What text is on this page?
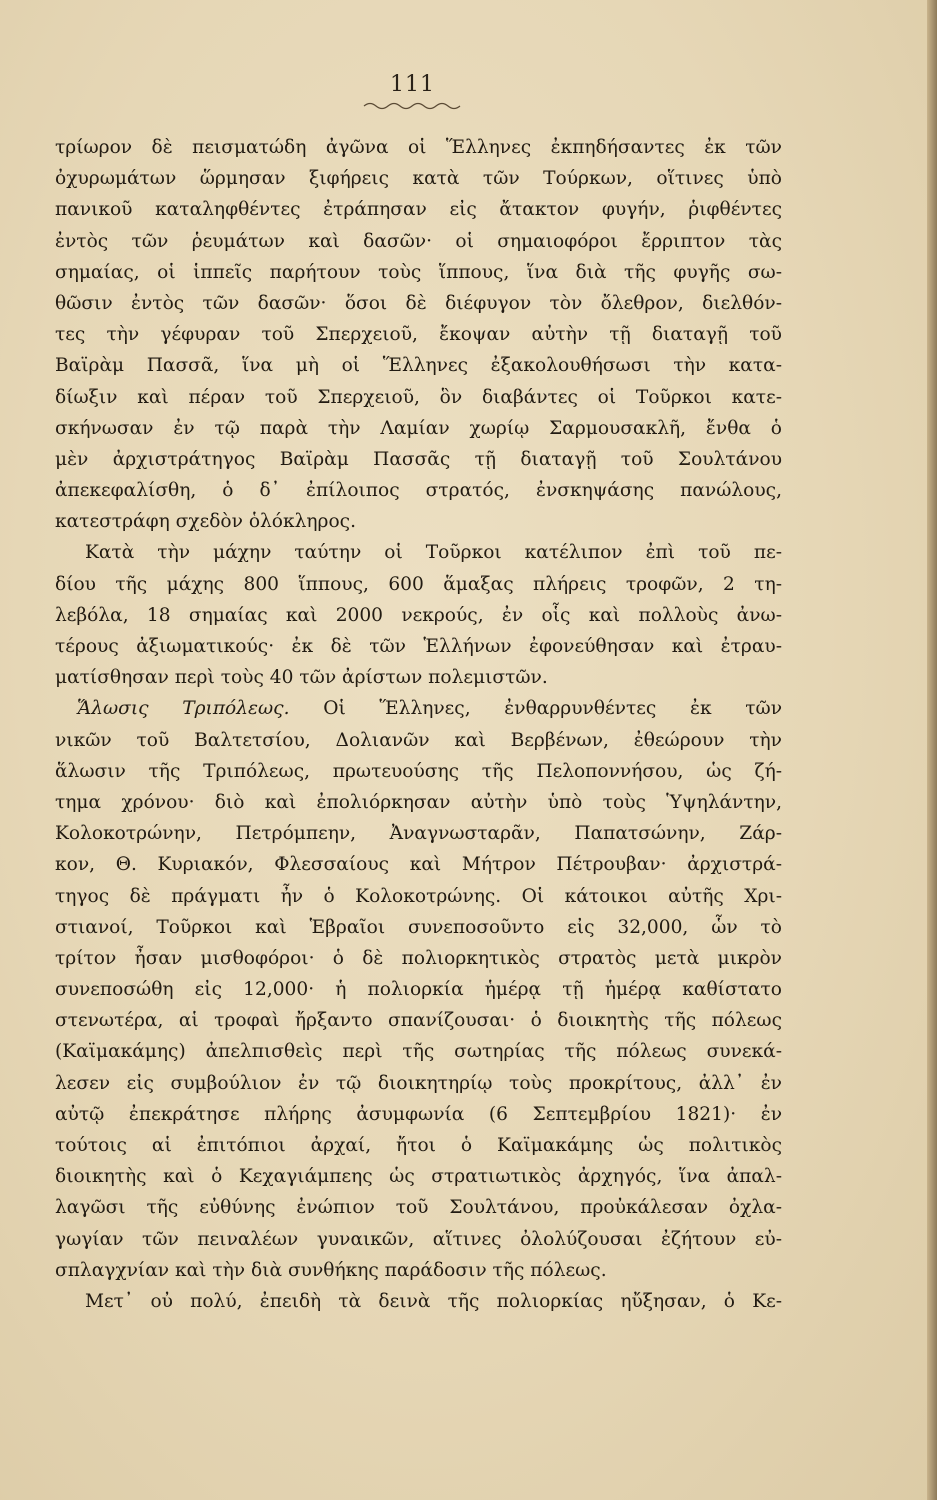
111
τρίωρον δὲ πεισματώδη ἀγῶνα οἱ Ἕλληνες ἐκπηδήσαντες ἐκ τῶν
ὀχυρωμάτων ὥρμησαν ξιφήρεις κατὰ τῶν Τούρκων, οἵτινες ὑπὸ
πανικοῦ καταληφθέντες ἐτράπησαν εἰς ἄτακτον φυγήν, ῥιφθέντες
ἐντὸς τῶν ῥευμάτων καὶ δασῶν· οἱ σημαιοφόροι ἔρριπτον τὰς
σημαίας, οἱ ἱππεῖς παρήτουν τοὺς ἵππους, ἵνα διὰ τῆς φυγῆς σω-
θῶσιν ἐντὸς τῶν δασῶν· ὅσοι δὲ διέφυγον τὸν ὄλεθρον, διελθόν-
τες τὴν γέφυραν τοῦ Σπερχειοῦ, ἔκοψαν αὐτὴν τῇ διαταγῇ τοῦ
Βαϊρὰμ Πασσᾶ, ἵνα μὴ οἱ Ἕλληνες ἐξακολουθήσωσι τὴν κατα-
δίωξιν καὶ πέραν τοῦ Σπερχειοῦ, ὃν διαβάντες οἱ Τοῦρκοι κατε-
σκήνωσαν ἐν τῷ παρὰ τὴν Λαμίαν χωρίῳ Σαρμουσακλῆ, ἔνθα ὁ
μὲν ἀρχιστράτηγος Βαϊρὰμ Πασσᾶς τῇ διαταγῇ τοῦ Σουλτάνου
ἀπεκεφαλίσθη, ὁ δ᾽ ἐπίλοιπος στρατός, ἐνσκηψάσης πανώλους,
κατεστράφη σχεδὸν ὁλόκληρος.
Κατὰ τὴν μάχην ταύτην οἱ Τοῦρκοι κατέλιπον ἐπὶ τοῦ πε-
δίου τῆς μάχης 800 ἵππους, 600 ἅμαξας πλήρεις τροφῶν, 2 τη-
λεβόλα, 18 σημαίας καὶ 2000 νεκρούς, ἐν οἷς καὶ πολλοὺς ἀνω-
τέρους ἀξιωματικούς· ἐκ δὲ τῶν Ἑλλήνων ἐφονεύθησαν καὶ ἐτραυ-
ματίσθησαν περὶ τοὺς 40 τῶν ἀρίστων πολεμιστῶν.
Ἅλωσις Τριπόλεως. Οἱ Ἕλληνες, ἐνθαρρυνθέντες ἐκ τῶν
νικῶν τοῦ Βαλτετσίου, Δολιανῶν καὶ Βερβένων, ἐθεώρουν τὴν
ἅλωσιν τῆς Τριπόλεως, πρωτευούσης τῆς Πελοποννήσου, ὡς ζή-
τημα χρόνου· διὸ καὶ ἐπολιόρκησαν αὐτὴν ὑπὸ τοὺς Ὑψηλάντην,
Κολοκοτρώνην, Πετρόμπεην, Ἀναγνωσταρᾶν, Παπατσώνην, Ζάρ-
κον, Θ. Κυριακόν, Φλεσσαίους καὶ Μήτρον Πέτρουβαν· ἀρχιστρά-
τηγος δὲ πράγματι ἦν ὁ Κολοκοτρώνης. Οἱ κάτοικοι αὐτῆς Χρι-
στιανοί, Τοῦρκοι καὶ Ἑβραῖοι συνεποσοῦντο εἰς 32,000, ὧν τὸ
τρίτον ἦσαν μισθοφόροι· ὁ δὲ πολιορκητικὸς στρατὸς μετὰ μικρὸν
συνεποσώθη εἰς 12,000· ἡ πολιορκία ἡμέρᾳ τῇ ἡμέρᾳ καθίστατο
στενωτέρα, αἱ τροφαὶ ἤρξαντο σπανίζουσαι· ὁ διοικητὴς τῆς πόλεως
(Καϊμακάμης) ἀπελπισθεὶς περὶ τῆς σωτηρίας τῆς πόλεως συνεκά-
λεσεν εἰς συμβούλιον ἐν τῷ διοικητηρίῳ τοὺς προκρίτους, ἀλλ᾽ ἐν
αὐτῷ ἐπεκράτησε πλήρης ἀσυμφωνία (6 Σεπτεμβρίου 1821)· ἐν
τούτοις αἱ ἐπιτόπιοι ἀρχαί, ἤτοι ὁ Καϊμακάμης ὡς πολιτικὸς
διοικητὴς καὶ ὁ Κεχαγιάμπεης ὡς στρατιωτικὸς ἀρχηγός, ἵνα ἀπαλ-
λαγῶσι τῆς εὐθύνης ἐνώπιον τοῦ Σουλτάνου, προὐκάλεσαν ὀχλα-
γωγίαν τῶν πειναλέων γυναικῶν, αἵτινες ὀλολύζουσαι ἐζήτουν εὐ-
σπλαγχνίαν καὶ τὴν διὰ συνθήκης παράδοσιν τῆς πόλεως.
Μετ᾽ οὐ πολύ, ἐπειδὴ τὰ δεινὰ τῆς πολιορκίας ηὔξησαν, ὁ Κε-
